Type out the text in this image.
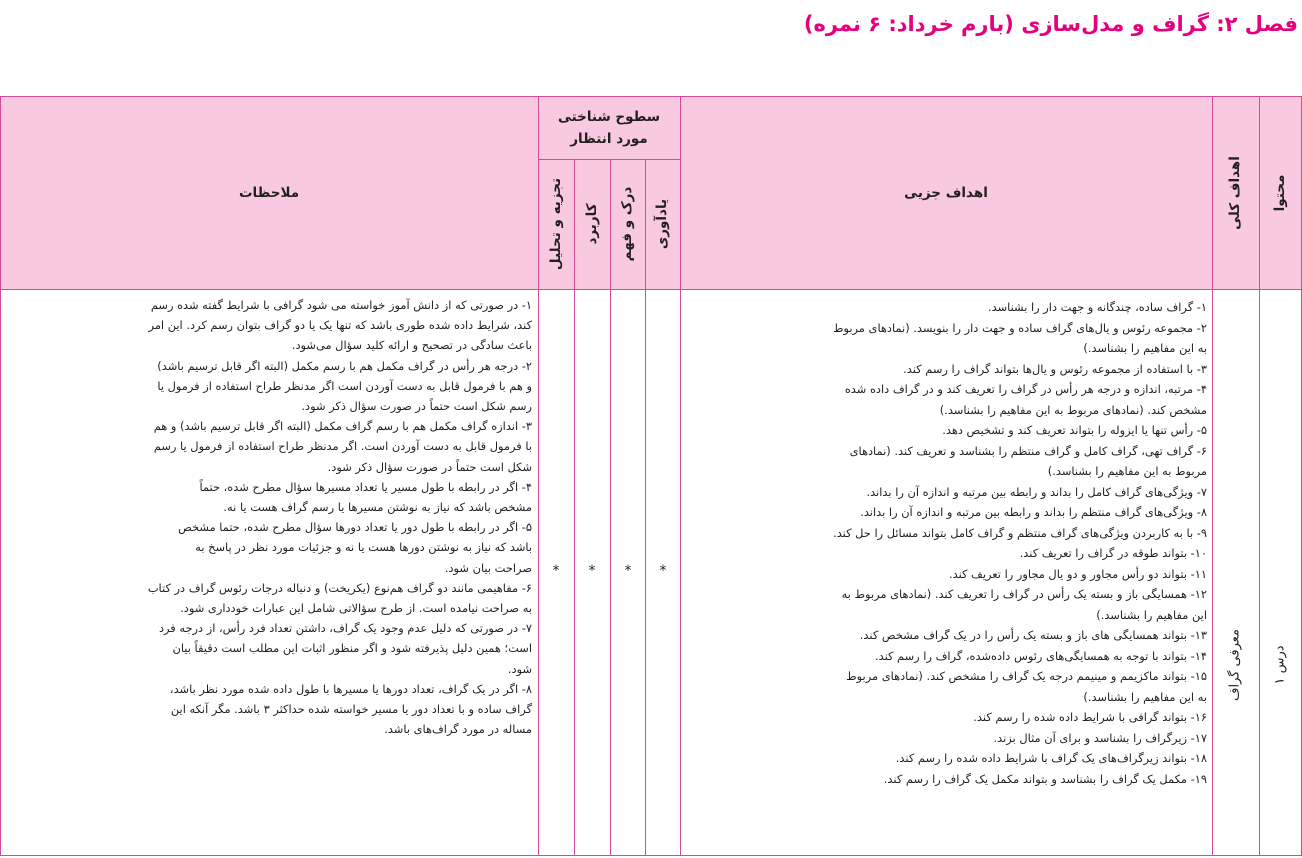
فصل ۲: گراف و مدل‌سازی (بارم خرداد: ۶ نمره)
محتوا
اهداف کلی
اهداف جزیی
سطوح شناختی
مورد انتظار
یادآوری
درک و فهم
کاربرد
تجزیه و تحلیل
ملاحظات
درس ۱
معرفی گراف
*
*
*
*
۱- گراف ساده، چندگانه و جهت دار را بشناسد.
۲- مجموعه رئوس و یال‌های گراف ساده و جهت دار را بنویسد. (نمادهای مربوط
به این مفاهیم را بشناسد.)
۳- با استفاده از مجموعه رئوس و یال‌ها بتواند گراف را رسم کند.
۴- مرتبه، اندازه و درجه هر رأس در گراف را تعریف کند و در گراف داده شده
مشخص کند. (نمادهای مربوط به این مفاهیم را بشناسد.)
۵- رأس تنها یا ایزوله را بتواند تعریف کند و تشخیص دهد.
۶- گراف تهی، گراف کامل و گراف منتظم را بشناسد و تعریف کند. (نمادهای
مربوط به این مفاهیم را بشناسد.)
۷- ویژگی‌های گراف کامل را بداند و رابطه بین مرتبه و اندازه آن را بداند.
۸- ویژگی‌های گراف منتظم را بداند و رابطه بین مرتبه و اندازه آن را بداند.
۹- با به کاربردن ویژگی‌های گراف منتظم و گراف کامل بتواند مسائل را حل کند.
۱۰- بتواند طوقه در گراف را تعریف کند.
۱۱- بتواند دو رأس مجاور و دو یال مجاور را تعریف کند.
۱۲- همسایگی باز و بسته یک رأس در گراف را تعریف کند. (نمادهای مربوط به
این مفاهیم را بشناسد.)
۱۳- بتواند همسایگی های باز و بسته یک رأس را در یک گراف مشخص کند.
۱۴- بتواند با توجه به همسایگی‌های رئوس داده‌شده، گراف را رسم کند.
۱۵- بتواند ماکزیمم و مینیمم درجه یک گراف را مشخص کند. (نمادهای مربوط
به این مفاهیم را بشناسد.)
۱۶- بتواند گرافی با شرایط داده شده را رسم کند.
۱۷- زیرگراف را بشناسد و برای آن مثال بزند.
۱۸- بتواند زیرگراف‌های یک گراف با شرایط داده شده را رسم کند.
۱۹- مکمل یک گراف را بشناسد و بتواند مکمل یک گراف را رسم کند.
۱- در صورتی که از دانش آموز خواسته می شود گرافی با شرایط گفته شده رسم
کند، شرایط داده شده طوری باشد که تنها یک یا دو گراف بتوان رسم کرد. این امر
باعث سادگی در تصحیح و ارائه کلید سؤال می‌شود.
۲- درجه هر رأس در گراف مکمل هم با رسم مکمل (البته اگر قابل ترسیم باشد)
و هم با فرمول قابل به دست آوردن است اگر مدنظر طراح استفاده از فرمول یا
رسم شکل است حتماً در صورت سؤال ذکر شود.
۳- اندازه گراف مکمل هم با رسم گراف مکمل (البته اگر قابل ترسیم باشد) و هم
با فرمول قابل به دست آوردن است. اگر مدنظر طراح استفاده از فرمول یا رسم
شکل است حتماً در صورت سؤال ذکر شود.
۴- اگر در رابطه با طول مسیر یا تعداد مسیرها سؤال مطرح شده، حتماً
مشخص باشد که نیاز به نوشتن مسیرها یا رسم گراف هست یا نه.
۵- اگر در رابطه با طول دور یا تعداد دورها سؤال مطرح شده، حتما مشخص
باشد که نیاز به نوشتن دورها هست یا نه و جزئیات مورد نظر در پاسخ به
صراحت بیان شود.
۶- مفاهیمی مانند دو گراف هم‌نوع (یکریخت) و دنباله درجات رئوس گراف در کتاب
به صراحت نیامده است. از طرح سؤالاتی شامل این عبارات خودداری شود.
۷- در صورتی که دلیل عدم وجود یک گراف، داشتن تعداد فرد رأس، از درجه فرد
است؛ همین دلیل پذیرفته شود و اگر منظور اثبات این مطلب است دقیقاً بیان
شود.
۸- اگر در یک گراف، تعداد دورها یا مسیرها با طول داده شده مورد نظر باشد،
گراف ساده و با تعداد دور یا مسیر خواسته شده حداکثر ۳ باشد. مگر آنکه این
مساله در مورد گراف‌های باشد.
